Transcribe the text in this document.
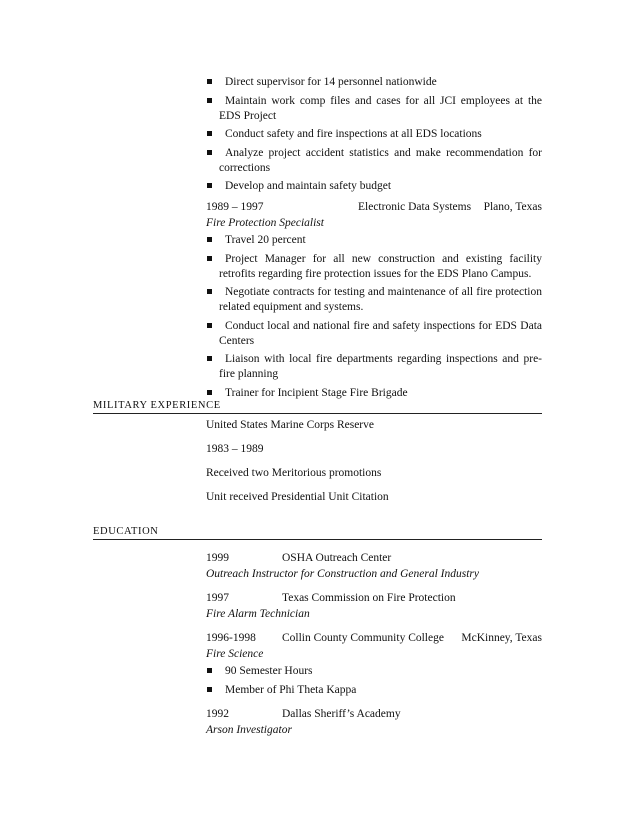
Direct supervisor for 14 personnel nationwide
Maintain work comp files and cases for all JCI employees at the EDS Project
Conduct safety and fire inspections at all EDS locations
Analyze project accident statistics and make recommendation for corrections
Develop and maintain safety budget
1989 – 1997	Electronic Data Systems	Plano, Texas
Fire Protection Specialist
Travel 20 percent
Project Manager for all new construction and existing facility retrofits regarding fire protection issues for the EDS Plano Campus.
Negotiate contracts for testing and maintenance of all fire protection related equipment and systems.
Conduct local and national fire and safety inspections for EDS Data Centers
Liaison with local fire departments regarding inspections and pre-fire planning
Trainer for Incipient Stage Fire Brigade
MILITARY EXPERIENCE
United States Marine Corps Reserve
1983 – 1989
Received two Meritorious promotions
Unit received Presidential Unit Citation
EDUCATION
1999	OSHA Outreach Center
Outreach Instructor for Construction and General Industry
1997	Texas Commission on Fire Protection
Fire Alarm Technician
1996-1998	Collin County Community College	McKinney, Texas
Fire Science
90 Semester Hours
Member of Phi Theta Kappa
1992	Dallas Sheriff’s Academy
Arson Investigator
